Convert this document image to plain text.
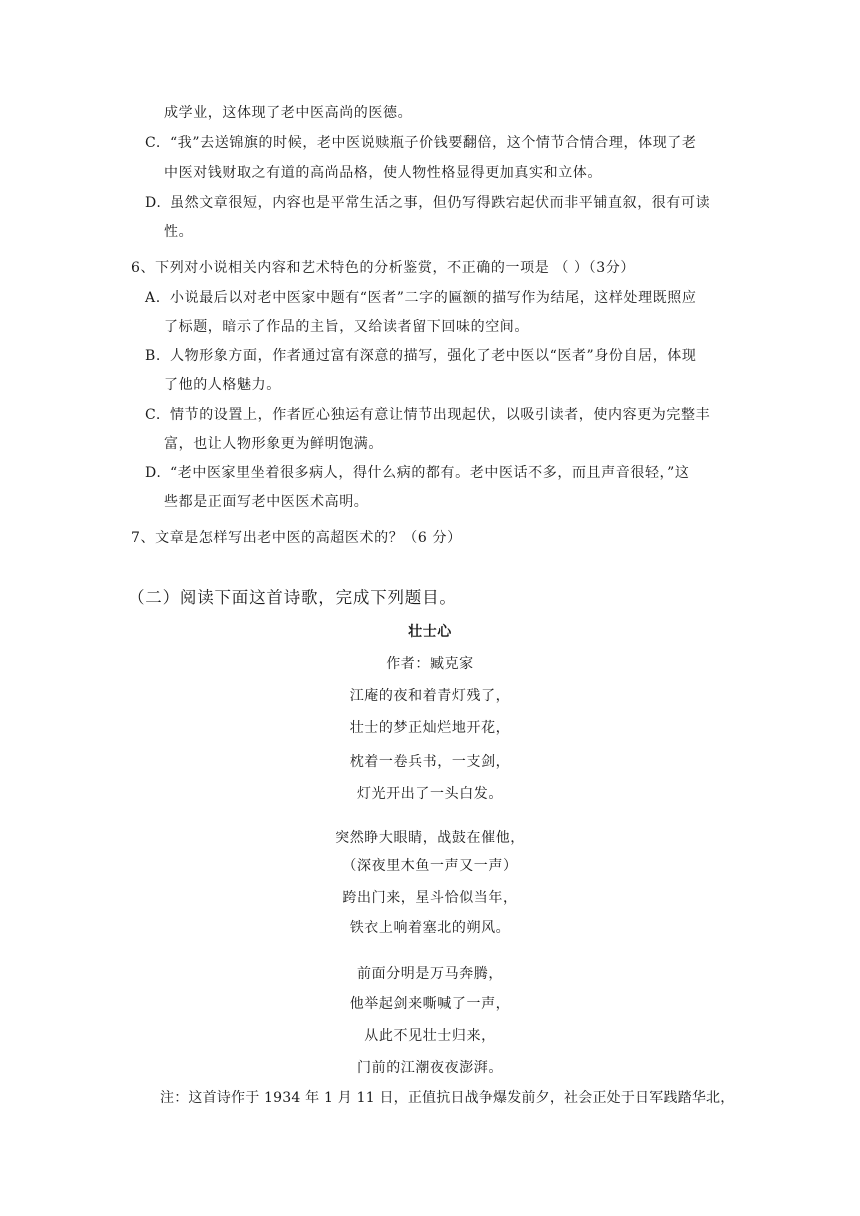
成学业，这体现了老中医高尚的医德。
C. “我”去送锦旗的时候，老中医说赎瓶子价钱要翻倍，这个情节合情合理，体现了老
中医对钱财取之有道的高尚品格，使人物性格显得更加真实和立体。
D. 虽然文章很短，内容也是平常生活之事，但仍写得跌宕起伏而非平铺直叙，很有可读
性。
6、下列对小说相关内容和艺术特色的分析鉴赏，不正确的一项是 （ ）（3分）
A. 小说最后以对老中医家中题有“医者”二字的匾额的描写作为结尾，这样处理既照应
了标题，暗示了作品的主旨，又给读者留下回味的空间。
B. 人物形象方面，作者通过富有深意的描写，强化了老中医以“医者”身份自居，体现
了他的人格魅力。
C. 情节的设置上，作者匠心独运有意让情节出现起伏，以吸引读者，使内容更为完整丰
富，也让人物形象更为鲜明饱满。
D. “老中医家里坐着很多病人，得什么病的都有。老中医话不多，而且声音很轻，”这
些都是正面写老中医医术高明。
7、文章是怎样写出老中医的高超医术的？（6 分）
（二）阅读下面这首诗歌，完成下列题目。
壮士心
作者：臧克家
江庵的夜和着青灯残了，
壮士的梦正灿烂地开花，
枕着一卷兵书，一支剑，
灯光开出了一头白发。
突然睁大眼睛，战鼓在催他，
（深夜里木鱼一声又一声）
跨出门来，星斗恰似当年，
铁衣上响着塞北的朔风。
前面分明是万马奔腾，
他举起剑来嘶喊了一声，
从此不见壮士归来，
门前的江潮夜夜澎湃。
注：这首诗作于 1934 年 1 月 11 日，正值抗日战争爆发前夕，社会正处于日军践踏华北，
